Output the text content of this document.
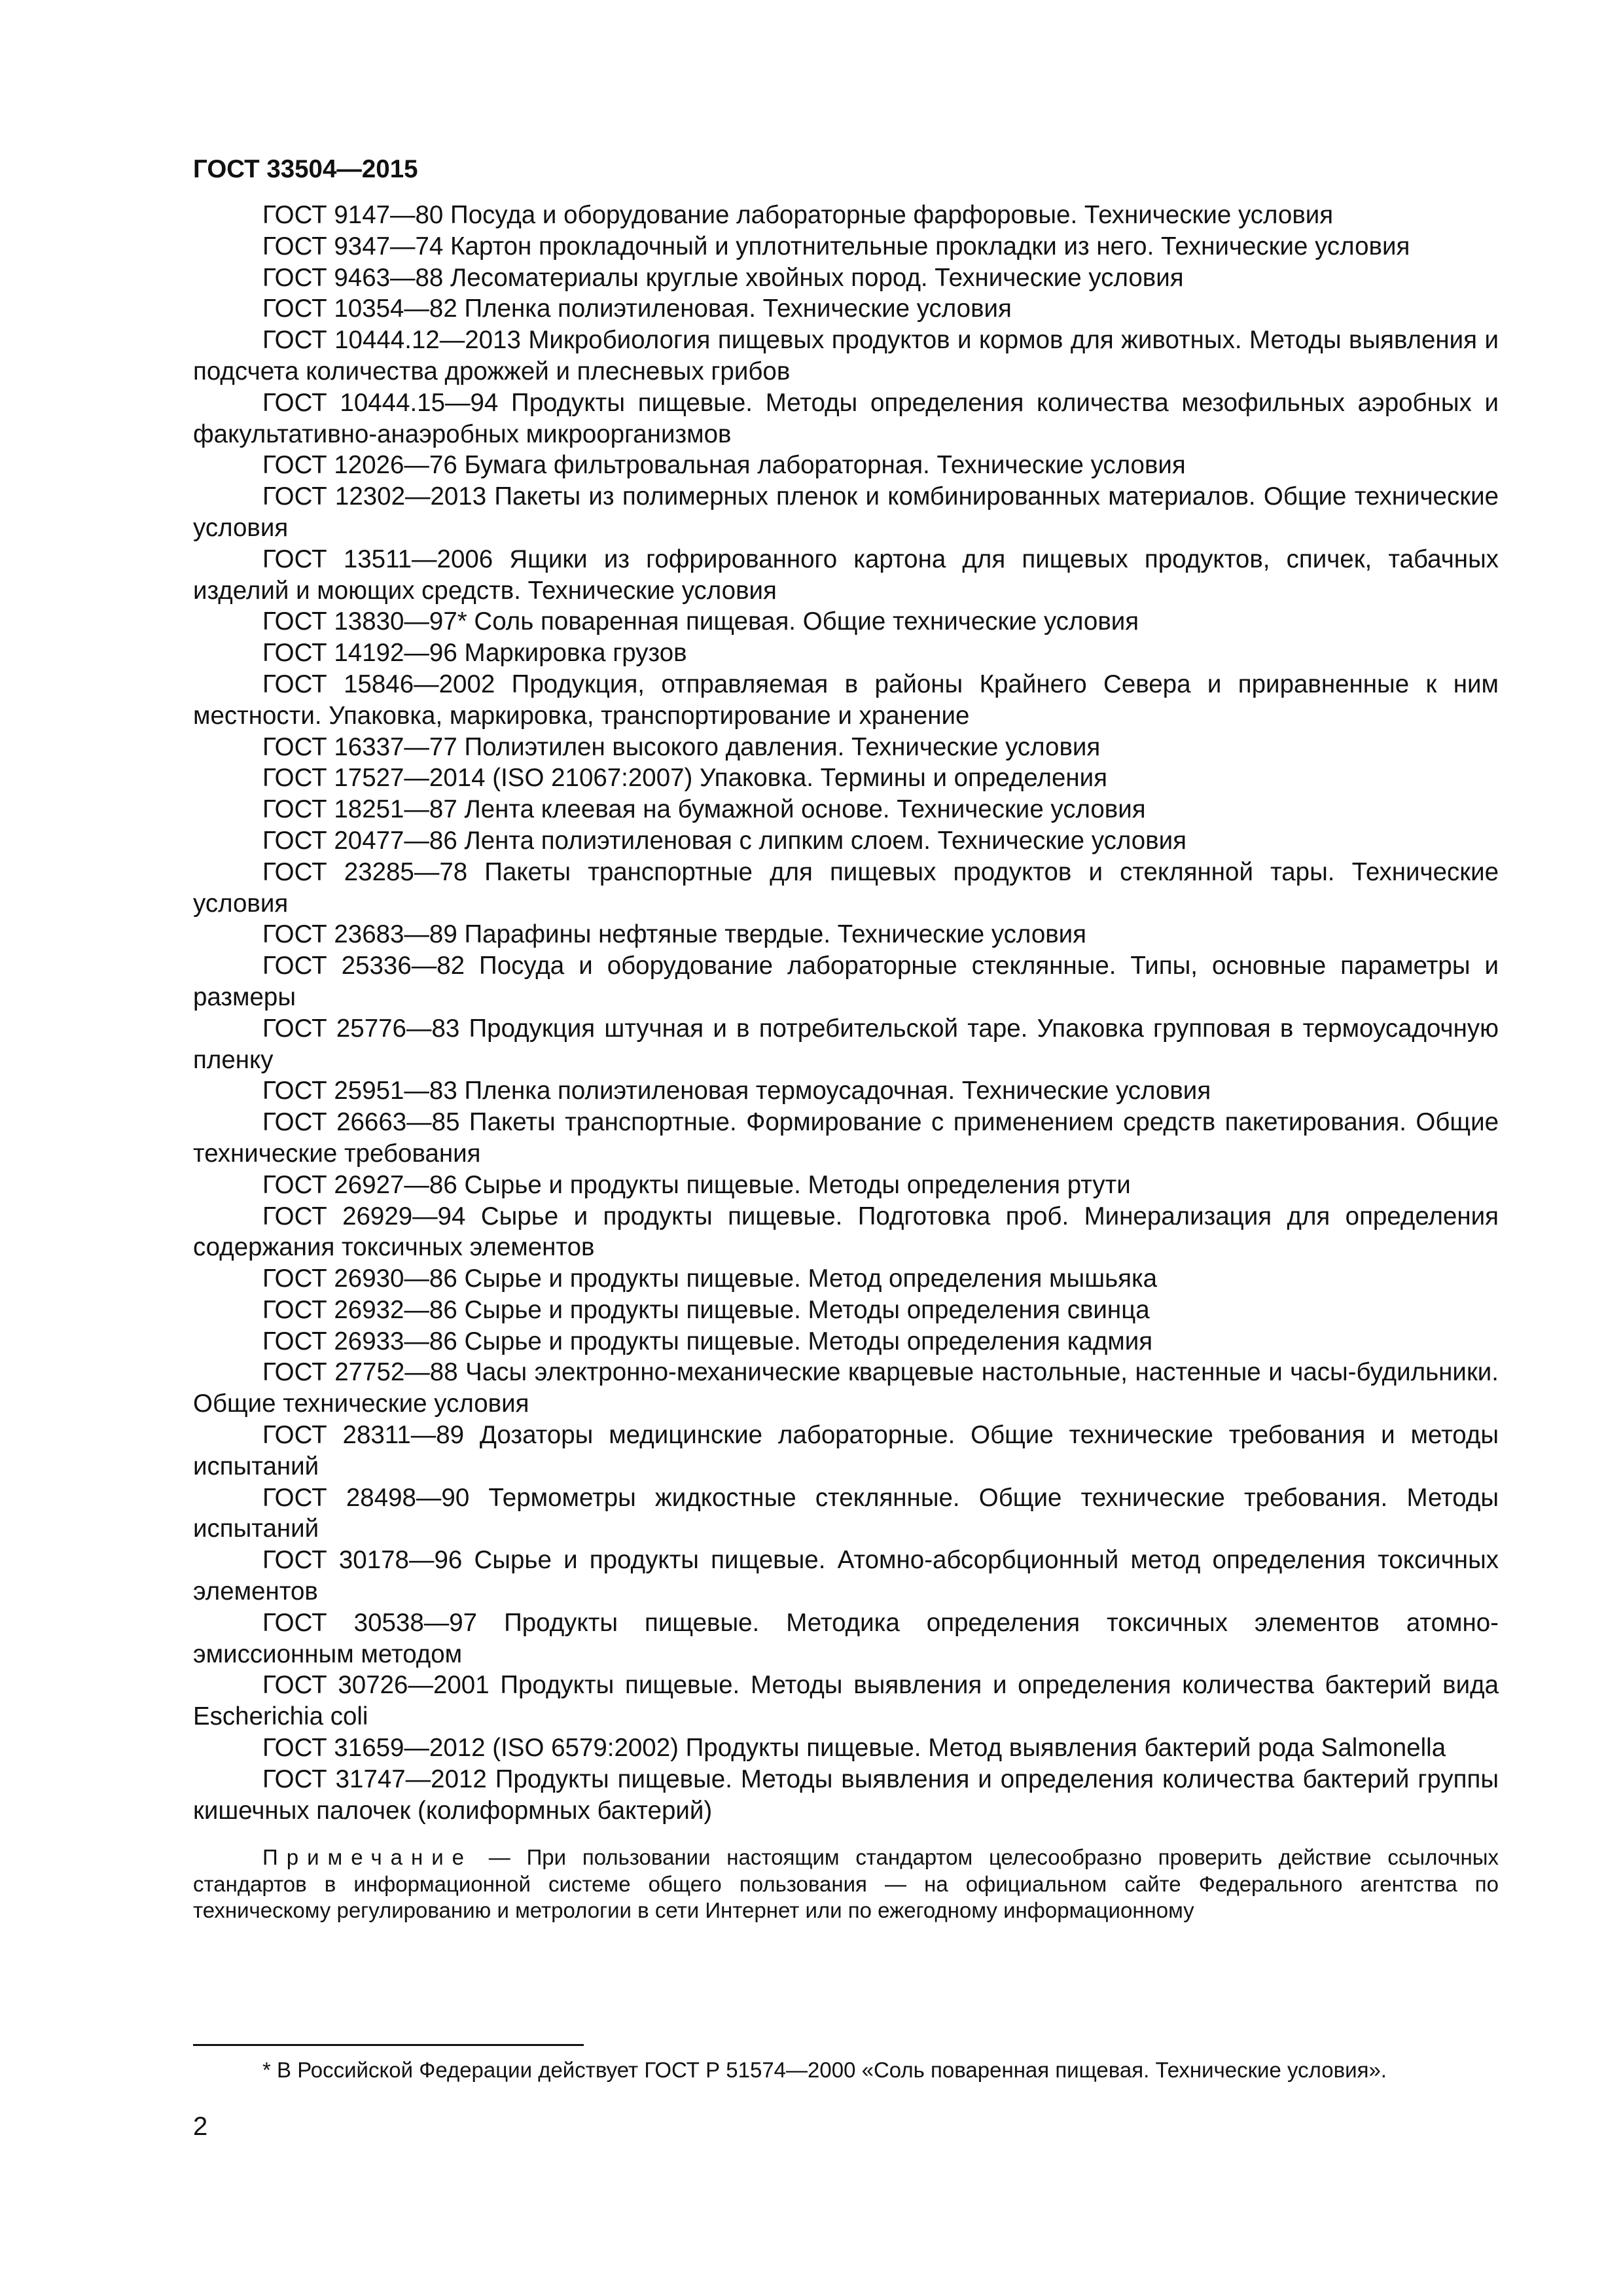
ГОСТ 33504—2015

ГОСТ 9147—80 Посуда и оборудование лабораторные фарфоровые. Технические условия

ГОСТ 9347—74 Картон прокладочный и уплотнительные прокладки из него. Технические условия

ГОСТ 9463—88 Лесоматериалы круглые хвойных пород. Технические условия

ГОСТ 10354—82 Пленка полиэтиленовая. Технические условия

ГОСТ 10444.12—2013 Микробиология пищевых продуктов и кормов для животных. Методы выявления и подсчета количества дрожжей и плесневых грибов

ГОСТ 10444.15—94 Продукты пищевые. Методы определения количества мезофильных аэробных и факультативно-анаэробных микроорганизмов

ГОСТ 12026—76 Бумага фильтровальная лабораторная. Технические условия

ГОСТ 12302—2013 Пакеты из полимерных пленок и комбинированных материалов. Общие технические условия

ГОСТ 13511—2006 Ящики из гофрированного картона для пищевых продуктов, спичек, табачных изделий и моющих средств. Технические условия

ГОСТ 13830—97* Соль поваренная пищевая. Общие технические условия

ГОСТ 14192—96 Маркировка грузов

ГОСТ 15846—2002 Продукция, отправляемая в районы Крайнего Севера и приравненные к ним местности. Упаковка, маркировка, транспортирование и хранение

ГОСТ 16337—77 Полиэтилен высокого давления. Технические условия

ГОСТ 17527—2014 (ISO 21067:2007) Упаковка. Термины и определения

ГОСТ 18251—87 Лента клеевая на бумажной основе. Технические условия

ГОСТ 20477—86 Лента полиэтиленовая с липким слоем. Технические условия

ГОСТ 23285—78 Пакеты транспортные для пищевых продуктов и стеклянной тары. Технические условия

ГОСТ 23683—89 Парафины нефтяные твердые. Технические условия

ГОСТ 25336—82 Посуда и оборудование лабораторные стеклянные. Типы, основные параметры и размеры

ГОСТ 25776—83 Продукция штучная и в потребительской таре. Упаковка групповая в термоусадочную пленку

ГОСТ 25951—83 Пленка полиэтиленовая термоусадочная. Технические условия

ГОСТ 26663—85 Пакеты транспортные. Формирование с применением средств пакетирования. Общие технические требования

ГОСТ 26927—86 Сырье и продукты пищевые. Методы определения ртути

ГОСТ 26929—94 Сырье и продукты пищевые. Подготовка проб. Минерализация для определения содержания токсичных элементов

ГОСТ 26930—86 Сырье и продукты пищевые. Метод определения мышьяка

ГОСТ 26932—86 Сырье и продукты пищевые. Методы определения свинца

ГОСТ 26933—86 Сырье и продукты пищевые. Методы определения кадмия

ГОСТ 27752—88 Часы электронно-механические кварцевые настольные, настенные и часы-будильники. Общие технические условия

ГОСТ 28311—89 Дозаторы медицинские лабораторные. Общие технические требования и методы испытаний

ГОСТ 28498—90 Термометры жидкостные стеклянные. Общие технические требования. Методы испытаний

ГОСТ 30178—96 Сырье и продукты пищевые. Атомно-абсорбционный метод определения токсичных элементов

ГОСТ 30538—97 Продукты пищевые. Методика определения токсичных элементов атомно-эмиссионным методом

ГОСТ 30726—2001 Продукты пищевые. Методы выявления и определения количества бактерий вида Escherichia coli

ГОСТ 31659—2012 (ISO 6579:2002) Продукты пищевые. Метод выявления бактерий рода Salmonella

ГОСТ 31747—2012 Продукты пищевые. Методы выявления и определения количества бактерий группы кишечных палочек (колиформных бактерий)

Примечание — При пользовании настоящим стандартом целесообразно проверить действие ссылочных стандартов в информационной системе общего пользования — на официальном сайте Федерального агентства по техническому регулированию и метрологии в сети Интернет или по ежегодному информационному
* В Российской Федерации действует ГОСТ Р 51574—2000 «Соль поваренная пищевая. Технические условия».
2
